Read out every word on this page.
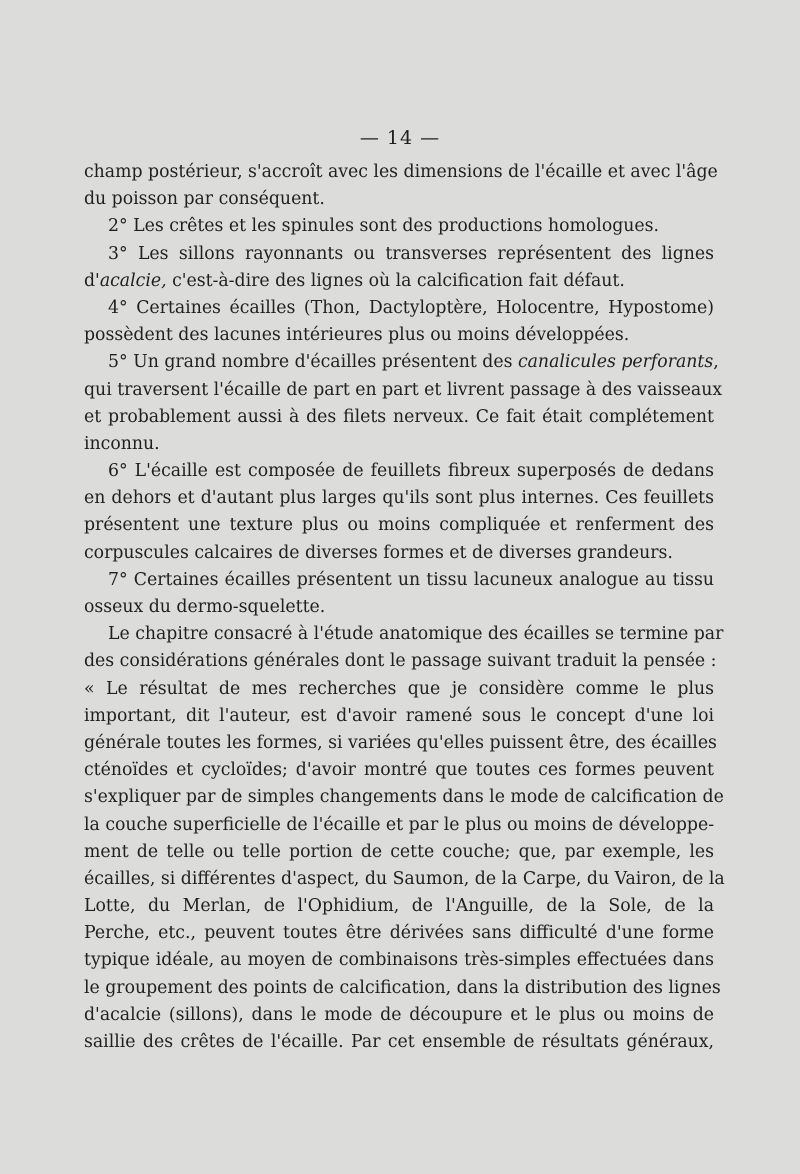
— 14 —
champ postérieur, s'accroît avec les dimensions de l'écaille et avec l'âge
du poisson par conséquent.
2° Les crêtes et les spinules sont des productions homologues.
3° Les sillons rayonnants ou transverses représentent des lignes
d'acalcie, c'est-à-dire des lignes où la calcification fait défaut.
4° Certaines écailles (Thon, Dactyloptère, Holocentre, Hypostome)
possèdent des lacunes intérieures plus ou moins développées.
5° Un grand nombre d'écailles présentent des canalicules perforants,
qui traversent l'écaille de part en part et livrent passage à des vaisseaux
et probablement aussi à des filets nerveux. Ce fait était complétement
inconnu.
6° L'écaille est composée de feuillets fibreux superposés de dedans
en dehors et d'autant plus larges qu'ils sont plus internes. Ces feuillets
présentent une texture plus ou moins compliquée et renferment des
corpuscules calcaires de diverses formes et de diverses grandeurs.
7° Certaines écailles présentent un tissu lacuneux analogue au tissu
osseux du dermo-squelette.
Le chapitre consacré à l'étude anatomique des écailles se termine par
des considérations générales dont le passage suivant traduit la pensée :
« Le résultat de mes recherches que je considère comme le plus
important, dit l'auteur, est d'avoir ramené sous le concept d'une loi
générale toutes les formes, si variées qu'elles puissent être, des écailles
cténoïdes et cycloïdes; d'avoir montré que toutes ces formes peuvent
s'expliquer par de simples changements dans le mode de calcification de
la couche superficielle de l'écaille et par le plus ou moins de développe-
ment de telle ou telle portion de cette couche; que, par exemple, les
écailles, si différentes d'aspect, du Saumon, de la Carpe, du Vairon, de la
Lotte, du Merlan, de l'Ophidium, de l'Anguille, de la Sole, de la
Perche, etc., peuvent toutes être dérivées sans difficulté d'une forme
typique idéale, au moyen de combinaisons très-simples effectuées dans
le groupement des points de calcification, dans la distribution des lignes
d'acalcie (sillons), dans le mode de découpure et le plus ou moins de
saillie des crêtes de l'écaille. Par cet ensemble de résultats généraux,
